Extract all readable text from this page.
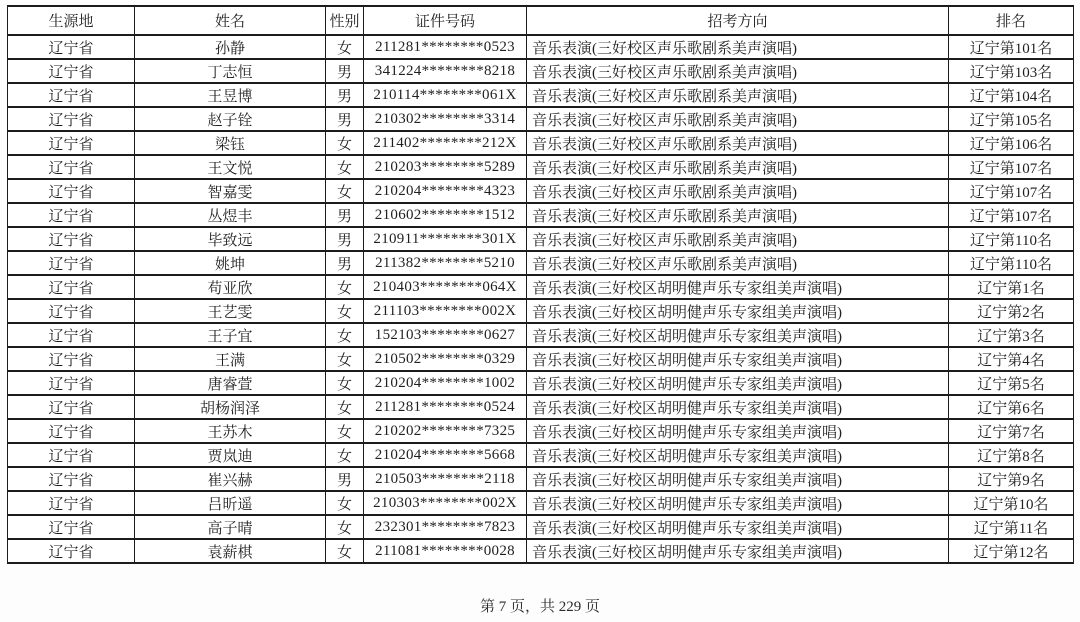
生源地	姓名	性别	证件号码	招考方向	排名
辽宁省	孙静	女	211281********0523	音乐表演(三好校区声乐歌剧系美声演唱)	辽宁第101名
辽宁省	丁志恒	男	341224********8218	音乐表演(三好校区声乐歌剧系美声演唱)	辽宁第103名
辽宁省	王昱博	男	210114********061X	音乐表演(三好校区声乐歌剧系美声演唱)	辽宁第104名
辽宁省	赵子铨	男	210302********3314	音乐表演(三好校区声乐歌剧系美声演唱)	辽宁第105名
辽宁省	梁钰	女	211402********212X	音乐表演(三好校区声乐歌剧系美声演唱)	辽宁第106名
辽宁省	王文悦	女	210203********5289	音乐表演(三好校区声乐歌剧系美声演唱)	辽宁第107名
辽宁省	智嘉雯	女	210204********4323	音乐表演(三好校区声乐歌剧系美声演唱)	辽宁第107名
辽宁省	丛煜丰	男	210602********1512	音乐表演(三好校区声乐歌剧系美声演唱)	辽宁第107名
辽宁省	毕致远	男	210911********301X	音乐表演(三好校区声乐歌剧系美声演唱)	辽宁第110名
辽宁省	姚坤	男	211382********5210	音乐表演(三好校区声乐歌剧系美声演唱)	辽宁第110名
辽宁省	苟亚欣	女	210403********064X	音乐表演(三好校区胡明健声乐专家组美声演唱)	辽宁第1名
辽宁省	王艺雯	女	211103********002X	音乐表演(三好校区胡明健声乐专家组美声演唱)	辽宁第2名
辽宁省	王子宜	女	152103********0627	音乐表演(三好校区胡明健声乐专家组美声演唱)	辽宁第3名
辽宁省	王满	女	210502********0329	音乐表演(三好校区胡明健声乐专家组美声演唱)	辽宁第4名
辽宁省	唐睿萱	女	210204********1002	音乐表演(三好校区胡明健声乐专家组美声演唱)	辽宁第5名
辽宁省	胡杨润泽	女	211281********0524	音乐表演(三好校区胡明健声乐专家组美声演唱)	辽宁第6名
辽宁省	王苏木	女	210202********7325	音乐表演(三好校区胡明健声乐专家组美声演唱)	辽宁第7名
辽宁省	贾岚迪	女	210204********5668	音乐表演(三好校区胡明健声乐专家组美声演唱)	辽宁第8名
辽宁省	崔兴赫	男	210503********2118	音乐表演(三好校区胡明健声乐专家组美声演唱)	辽宁第9名
辽宁省	吕昕遥	女	210303********002X	音乐表演(三好校区胡明健声乐专家组美声演唱)	辽宁第10名
辽宁省	高子晴	女	232301********7823	音乐表演(三好校区胡明健声乐专家组美声演唱)	辽宁第11名
辽宁省	袁薪棋	女	211081********0028	音乐表演(三好校区胡明健声乐专家组美声演唱)	辽宁第12名
第 7 页，共 229 页
